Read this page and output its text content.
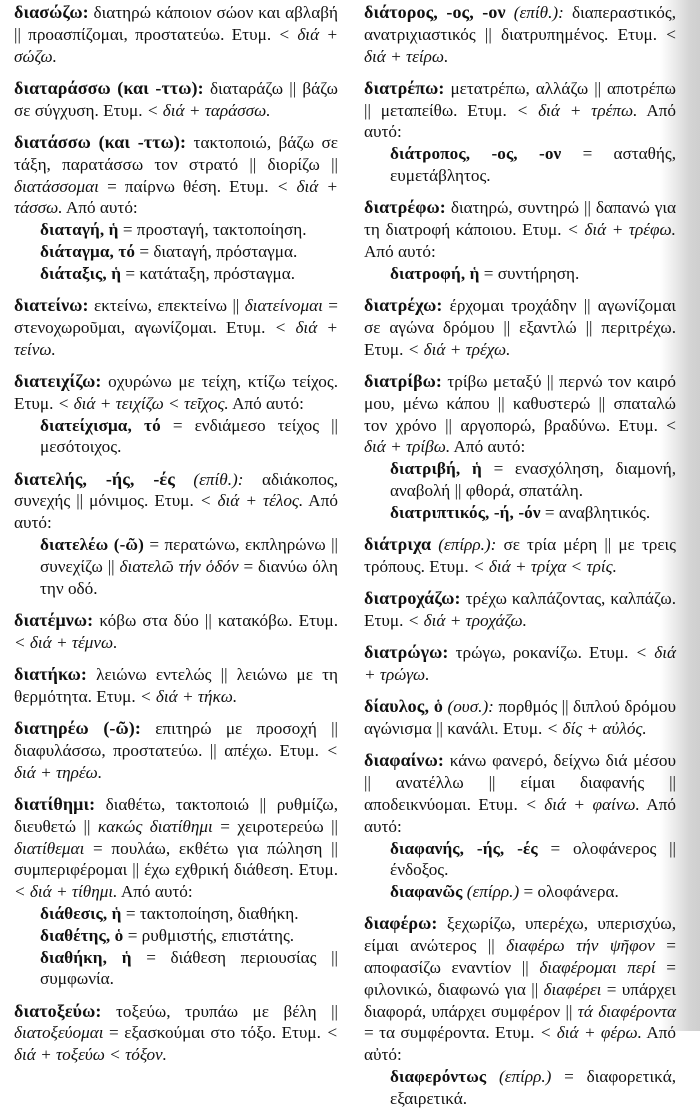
διασώζω: διατηρώ κάποιον σώον και αβλαβή || προασπίζομαι, προστατεύω. Ετυμ. < διά + σώζω.
διαταράσσω (και -ττω): διαταράζω || βάζω σε σύγχυση. Ετυμ. < διά + ταράσσω.
διατάσσω (και -ττω): τακτοποιώ, βάζω σε τάξη, παρατάσσω τον στρατό || διορίζω || διατάσσομαι = παίρνω θέση. Ετυμ. < διά + τάσσω. Από αυτό:
διαταγή, ἡ = προσταγή, τακτοποίηση.
διάταγμα, τό = διαταγή, πρόσταγμα.
διάταξις, ἡ = κατάταξη, πρόσταγμα.
διατείνω: εκτείνω, επεκτείνω || διατείνομαι = στενοχωροῦμαι, αγωνίζομαι. Ετυμ. < διά + τείνω.
διατειχίζω: οχυρώνω με τείχη, κτίζω τείχος. Ετυμ. < διά + τειχίζω < τεῖχος. Από αυτό:
διατείχισμα, τό = ενδιάμεσο τείχος || μεσότοιχος.
διατελής, -ής, -ές (επίθ.): αδιάκοπος, συνεχής || μόνιμος. Ετυμ. < διά + τέλος. Από αυτό:
διατελέω (-ῶ) = περατώνω, εκπληρώνω || συνεχίζω || διατελῶ τήν ὁδόν = διανύω όλη την οδό.
διατέμνω: κόβω στα δύο || κατακόβω. Ετυμ. < διά + τέμνω.
διατήκω: λειώνω εντελώς || λειώνω με τη θερμότητα. Ετυμ. < διά + τήκω.
διατηρέω (-ῶ): επιτηρώ με προσοχή || διαφυλάσσω, προστατεύω. || απέχω. Ετυμ. < διά + τηρέω.
διατίθημι: διαθέτω, τακτοποιώ || ρυθμίζω, διευθετώ || κακώς διατίθημι = χειροτερεύω || διατίθεμαι = πουλάω, εκθέτω για πώληση || συμπεριφέρομαι || έχω εχθρική διάθεση. Ετυμ. < διά + τίθημι. Από αυτό:
διάθεσις, ἡ = τακτοποίηση, διαθήκη.
διαθέτης, ὁ = ρυθμιστής, επιστάτης.
διαθήκη, ἡ = διάθεση περιουσίας || συμφωνία.
διατοξεύω: τοξεύω, τρυπάω με βέλη || διατοξεύομαι = εξασκούμαι στο τόξο. Ετυμ. < διά + τοξεύω < τόξον.
διάτορος, -ος, -ον (επίθ.): διαπεραστικός, ανατριχιαστικός || διατρυπημένος. Ετυμ. < διά + τείρω.
διατρέπω: μετατρέπω, αλλάζω || αποτρέπω || μεταπείθω. Ετυμ. < διά + τρέπω. Από αυτό:
διάτροπος, -ος, -ον = ασταθής, ευμετάβλητος.
διατρέφω: διατηρώ, συντηρώ || δαπανώ για τη διατροφή κάποιου. Ετυμ. < διά + τρέφω. Από αυτό:
διατροφή, ἡ = συντήρηση.
διατρέχω: έρχομαι τροχάδην || αγωνίζομαι σε αγώνα δρόμου || εξαντλώ || περιτρέχω. Ετυμ. < διά + τρέχω.
διατρίβω: τρίβω μεταξύ || περνώ τον καιρό μου, μένω κάπου || καθυστερώ || σπαταλώ τον χρόνο || αργοπορώ, βραδύνω. Ετυμ. < διά + τρίβω. Από αυτό:
διατριβή, ἡ = ενασχόληση, διαμονή, αναβολή || φθορά, σπατάλη.
διατριπτικός, -ή, -όν = αναβλητικός.
διάτριχα (επίρρ.): σε τρία μέρη || με τρεις τρόπους. Ετυμ. < διά + τρίχα < τρίς.
διατροχάζω: τρέχω καλπάζοντας, καλπάζω. Ετυμ. < διά + τροχάζω.
διατρώγω: τρώγω, ροκανίζω. Ετυμ. < διά + τρώγω.
δίαυλος, ὁ (ουσ.): πορθμός || διπλού δρόμου αγώνισμα || κανάλι. Ετυμ. < δίς + αὐλός.
διαφαίνω: κάνω φανερό, δείχνω διά μέσου || ανατέλλω || είμαι διαφανής || αποδεικνύομαι. Ετυμ. < διά + φαίνω. Από αυτό:
διαφανής, -ής, -ές = ολοφάνερος || ένδοξος.
διαφανῶς (επίρρ.) = ολοφάνερα.
διαφέρω: ξεχωρίζω, υπερέχω, υπερισχύω, είμαι ανώτερος || διαφέρω τήν ψῆφον = αποφασίζω εναντίον || διαφέρομαι περί = φιλονικώ, διαφωνώ για || διαφέρει = υπάρχει διαφορά, υπάρχει συμφέρον || τά διαφέροντα = τα συμφέροντα. Ετυμ. < διά + φέρω. Από αὐτό:
διαφερόντως (επίρρ.) = διαφορετικά, εξαιρετικά.
